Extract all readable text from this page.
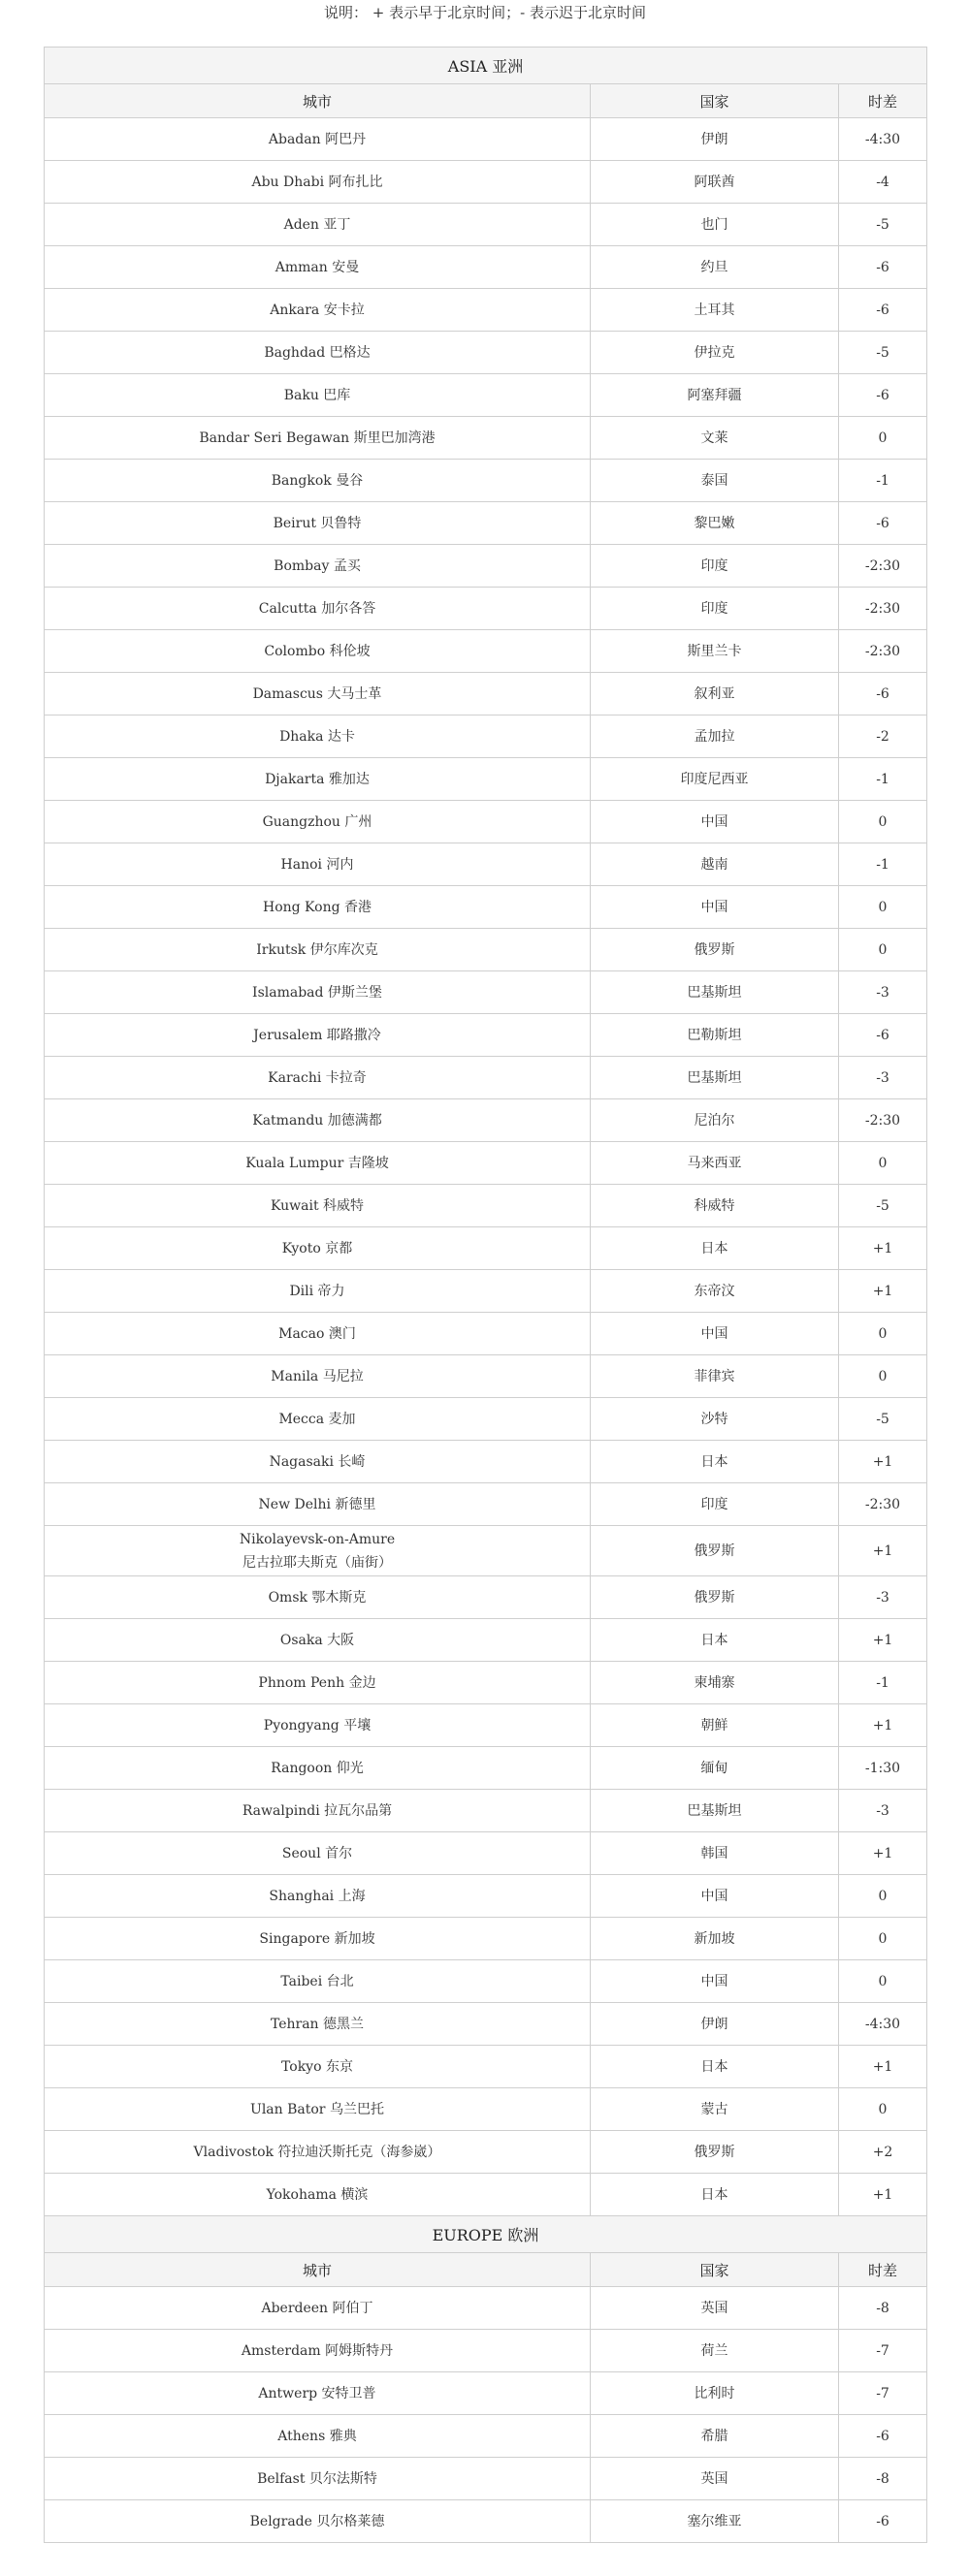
说明： + 表示早于北京时间；- 表示迟于北京时间
ASIA 亚洲		
城市	国家	时差

Abadan 阿巴丹	伊朗	-4:30

Abu Dhabi 阿布扎比	阿联酋	-4

Aden 亚丁	也门	-5

Amman 安曼	约旦	-6

Ankara 安卡拉	土耳其	-6

Baghdad 巴格达	伊拉克	-5

Baku 巴库	阿塞拜疆	-6

Bandar Seri Begawan 斯里巴加湾港	文莱	0

Bangkok 曼谷	泰国	-1

Beirut 贝鲁特	黎巴嫩	-6

Bombay 孟买	印度	-2:30

Calcutta 加尔各答	印度	-2:30

Colombo 科伦坡	斯里兰卡	-2:30

Damascus 大马士革	叙利亚	-6

Dhaka 达卡	孟加拉	-2

Djakarta 雅加达	印度尼西亚	-1

Guangzhou 广州	中国	0

Hanoi 河内	越南	-1

Hong Kong 香港	中国	0

Irkutsk 伊尔库次克	俄罗斯	0

Islamabad 伊斯兰堡	巴基斯坦	-3

Jerusalem 耶路撒冷	巴勒斯坦	-6

Karachi 卡拉奇	巴基斯坦	-3

Katmandu 加德满都	尼泊尔	-2:30

Kuala Lumpur 吉隆坡	马来西亚	0

Kuwait 科威特	科威特	-5

Kyoto 京都	日本	+1

Dili 帝力	东帝汶	+1

Macao 澳门	中国	0

Manila 马尼拉	菲律宾	0

Mecca 麦加	沙特	-5

Nagasaki 长崎	日本	+1

New Delhi 新德里	印度	-2:30

Nikolayevsk-on-Amure
尼古拉耶夫斯克（庙街）	俄罗斯	+1

Omsk 鄂木斯克	俄罗斯	-3

Osaka 大阪	日本	+1

Phnom Penh 金边	柬埔寨	-1

Pyongyang 平壤	朝鲜	+1

Rangoon 仰光	缅甸	-1:30

Rawalpindi 拉瓦尔品第	巴基斯坦	-3

Seoul 首尔	韩国	+1

Shanghai 上海	中国	0

Singapore 新加坡	新加坡	0

Taibei 台北	中国	0

Tehran 德黑兰	伊朗	-4:30

Tokyo 东京	日本	+1

Ulan Bator 乌兰巴托	蒙古	0

Vladivostok 符拉迪沃斯托克（海参崴）	俄罗斯	+2

Yokohama 横滨	日本	+1
EUROPE 欧洲		
城市	国家	时差

Aberdeen 阿伯丁	英国	-8

Amsterdam 阿姆斯特丹	荷兰	-7

Antwerp 安特卫普	比利时	-7

Athens 雅典	希腊	-6

Belfast 贝尔法斯特	英国	-8

Belgrade 贝尔格莱德	塞尔维亚	-6
